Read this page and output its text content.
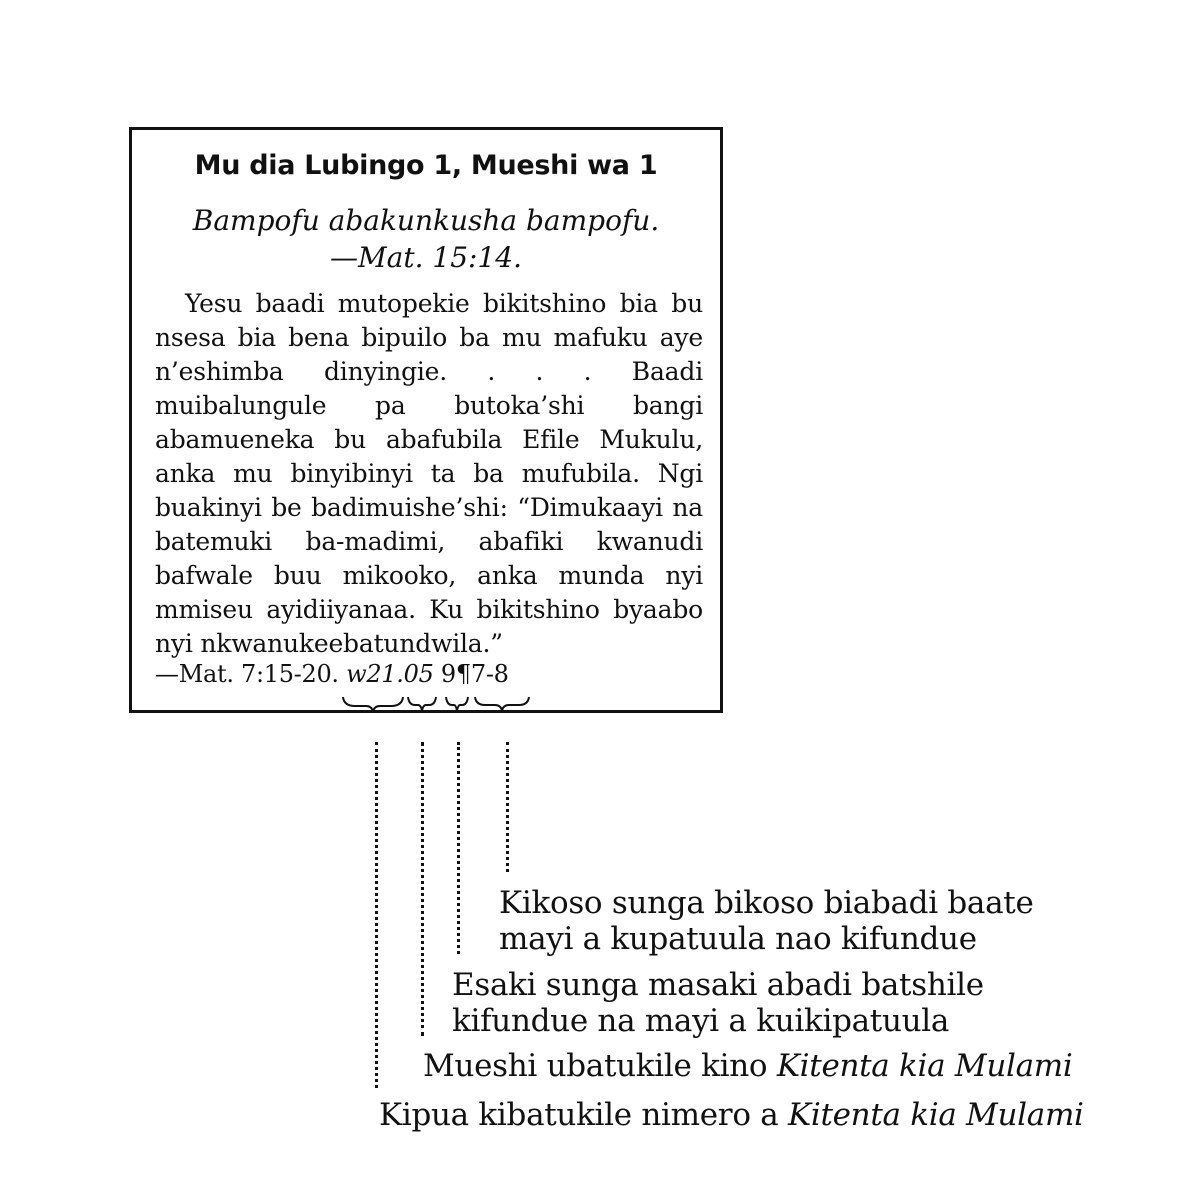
Mu dia Lubingo 1, Mueshi wa 1
Bampofu abakunkusha bampofu.
—Mat. 15:14.
Yesu baadi mutopekie bikitshino bia bu nsesa bia bena bipuilo ba mu mafuku aye n’eshimba dinyingie. . . . Baadi muibalungule pa butoka’shi bangi abamueneka bu abafubila Efile Mukulu, anka mu binyibinyi ta ba mufubila. Ngi buakinyi be badimuishe’shi: “Dimukaayi na batemuki ba-madimi, abafiki kwanudi bafwale buu mikooko, anka munda nyi mmiseu ayidiiyanaa. Ku bikitshino byaabo nyi nkwanukeebatundwila.”
—Mat. 7:15-20. w21.05 9¶7-8
Kikoso sunga bikoso biabadi baate
mayi a kupatuula nao kifundue
Esaki sunga masaki abadi batshile
kifundue na mayi a kuikipatuula
Mueshi ubatukile kino Kitenta kia Mulami
Kipua kibatukile nimero a Kitenta kia Mulami
